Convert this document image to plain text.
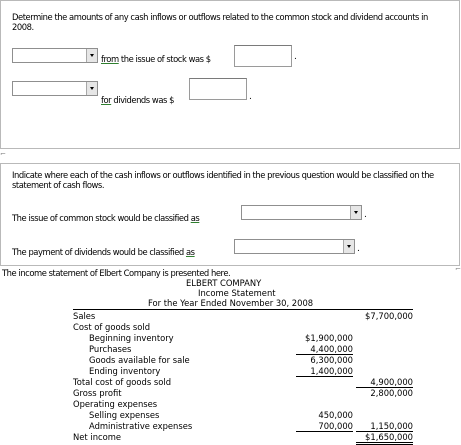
Determine the amounts of any cash inflows or outflows related to the common stock and dividend accounts in 2008.
from the issue of stock was $	.
for dividends was $	.
⌐
Indicate where each of the cash inflows or outflows identified in the previous question would be classified on the statement of cash flows.
The issue of common stock would be classified as	.
The payment of dividends would be classified as	.
⌐
The income statement of Elbert Company is presented here.
ELBERT COMPANY
Income Statement
For the Year Ended November 30, 2008
Sales	$7,700,000
Cost of goods sold
Beginning inventory	$1,900,000
Purchases	4,400,000
Goods available for sale	6,300,000
Ending inventory	1,400,000
Total cost of goods sold	4,900,000
Gross profit	2,800,000
Operating expenses
Selling expenses	450,000
Administrative expenses	700,000	1,150,000
Net income	$1,650,000
